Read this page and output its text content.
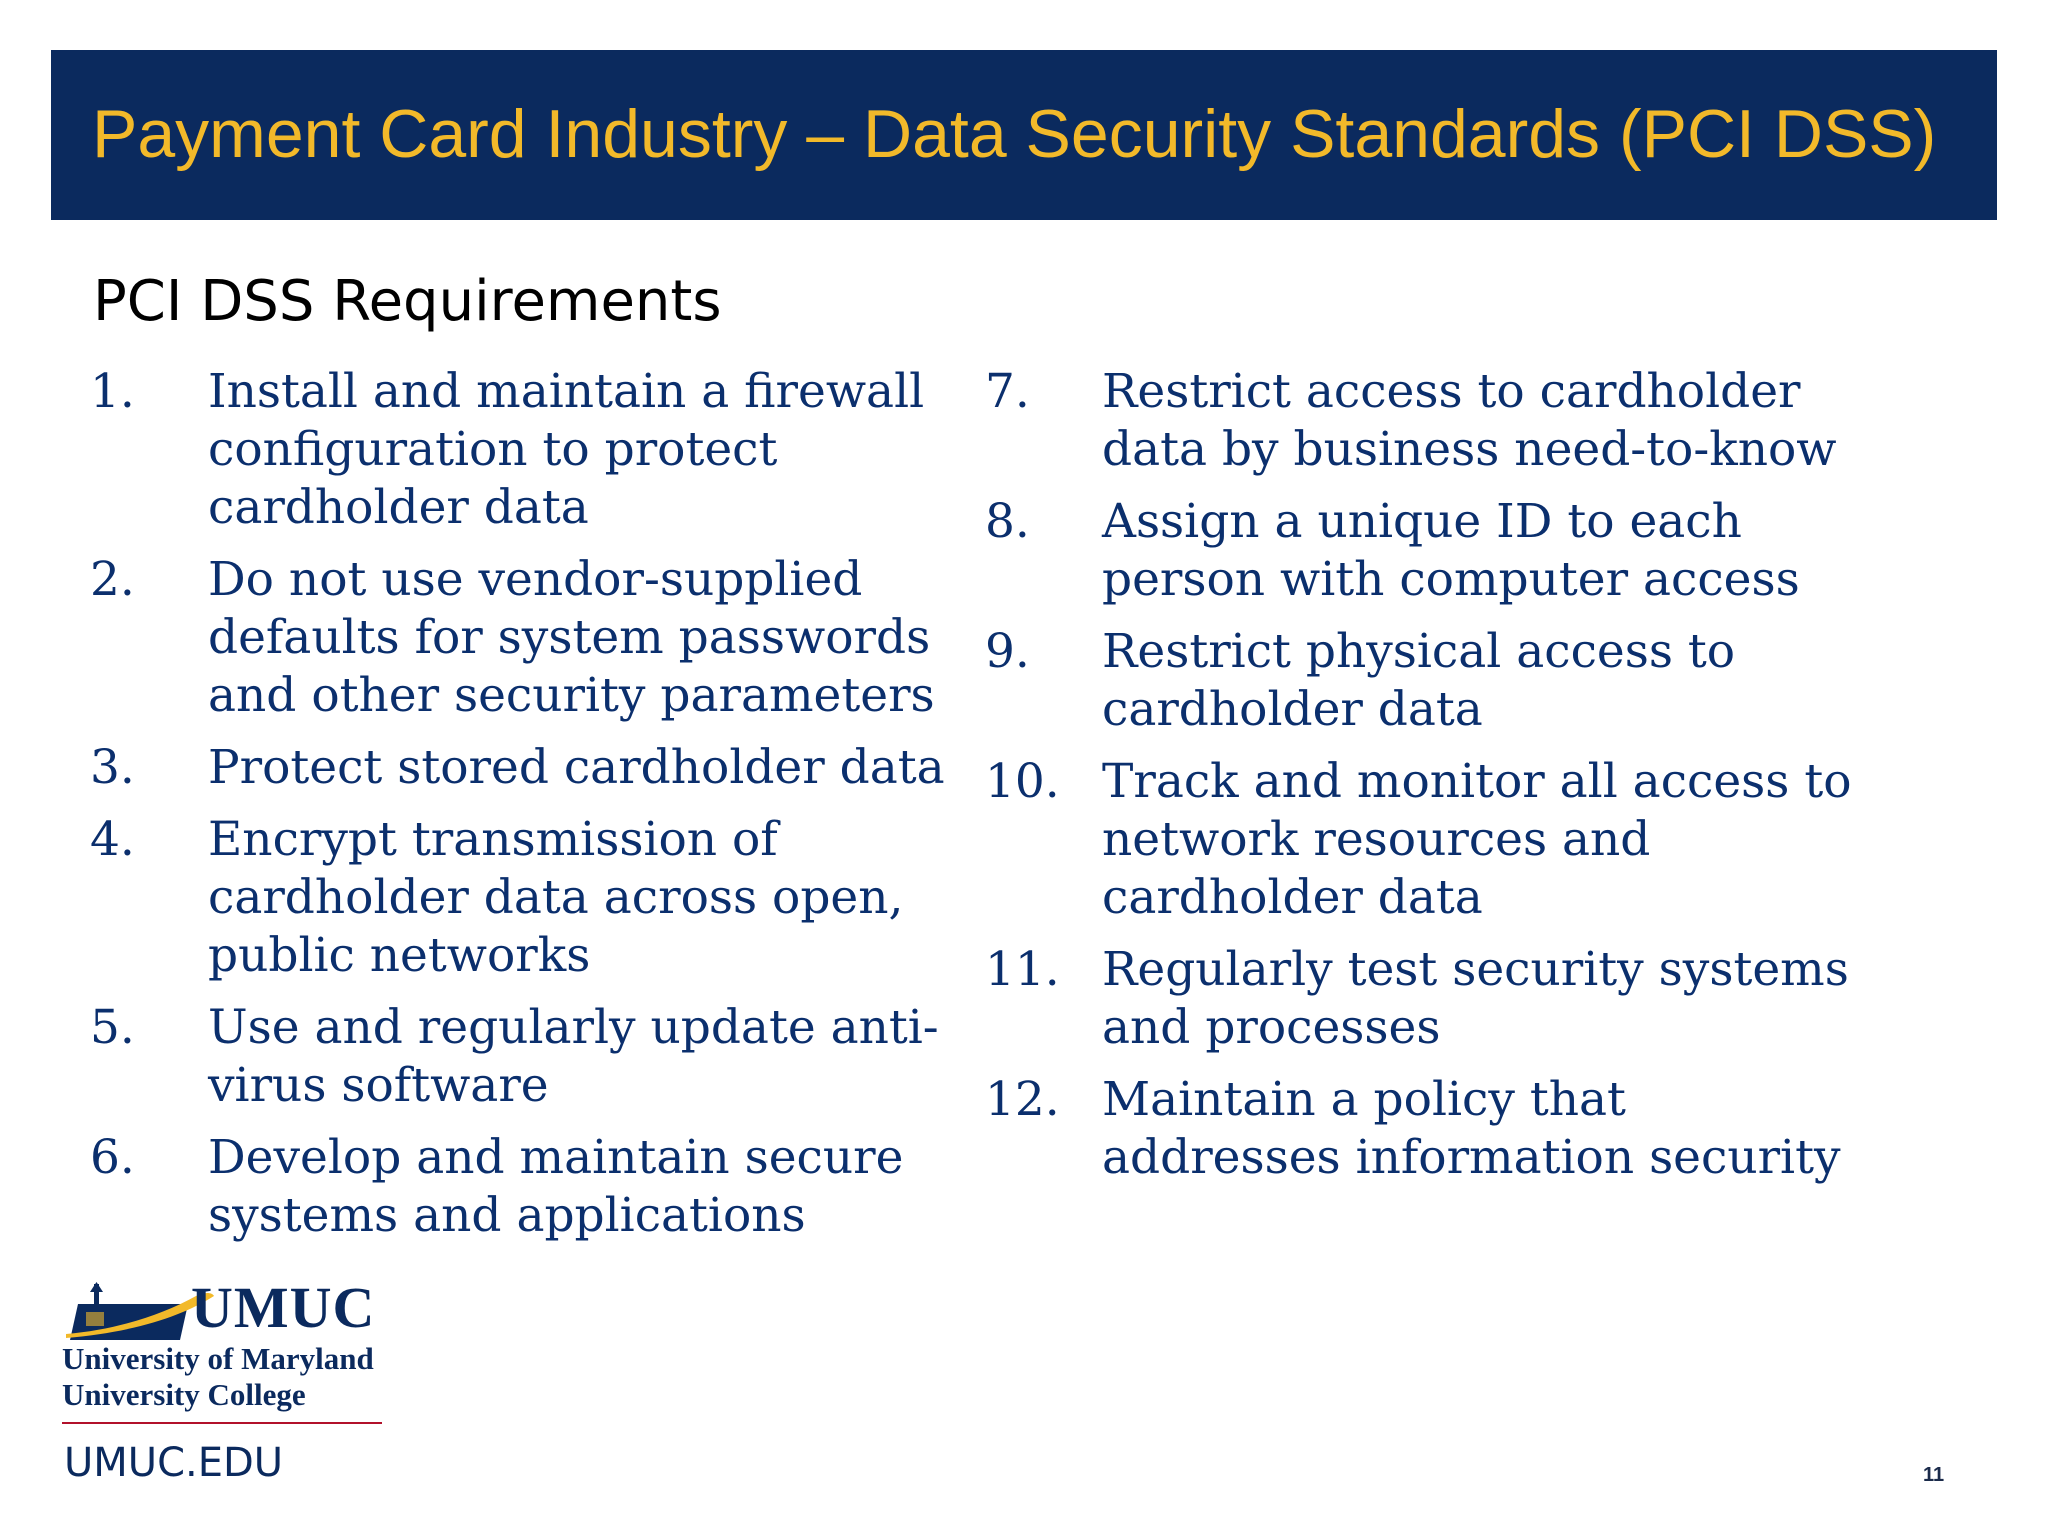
Payment Card Industry – Data Security Standards (PCI DSS)
PCI DSS Requirements
1.	Install and maintain a firewall
configuration to protect
cardholder data
2.	Do not use vendor-supplied
defaults for system passwords
and other security parameters
3.	Protect stored cardholder data
4.	Encrypt transmission of
cardholder data across open,
public networks
5.	Use and regularly update anti-
virus software
6.	Develop and maintain secure
systems and applications
7.	Restrict access to cardholder
data by business need-to-know
8.	Assign a unique ID to each
person with computer access
9.	Restrict physical access to
cardholder data
10. Track and monitor all access to
network resources and
cardholder data
11. Regularly test security systems
and processes
12. Maintain a policy that
addresses information security
UMUC
University of Maryland
University College
UMUC.EDU	11
